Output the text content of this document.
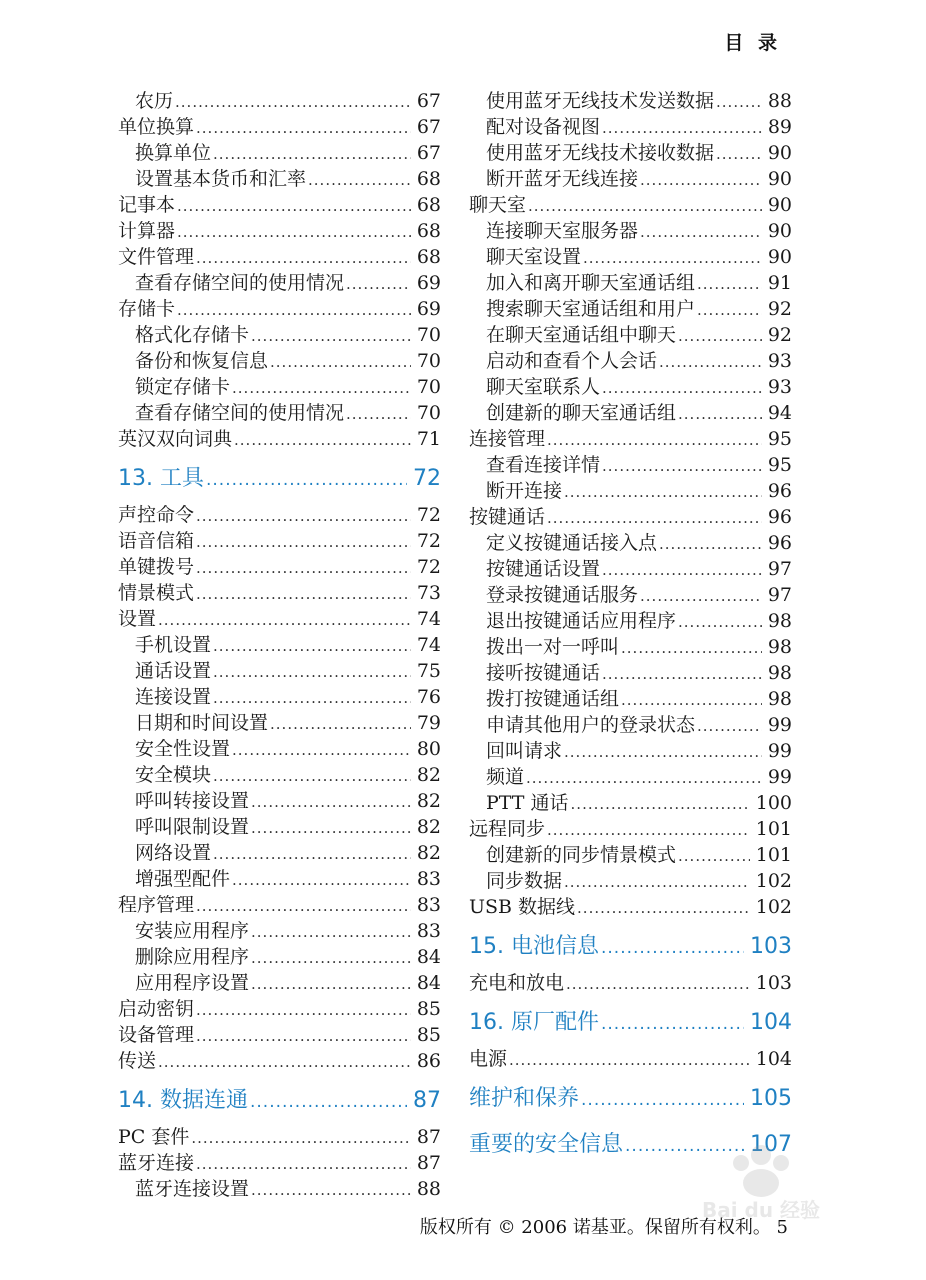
目 录
农历 .....	67
单位换算 .....	67
换算单位 .....	67
设置基本货币和汇率 .....	68
记事本 .....	68
计算器 .....	68
文件管理 .....	68
查看存储空间的使用情况 .....	69
存储卡 .....	69
格式化存储卡 .....	70
备份和恢复信息 .....	70
锁定存储卡 .....	70
查看存储空间的使用情况 .....	70
英汉双向词典 .....	71
13. 工具 .....	72
声控命令 .....	72
语音信箱 .....	72
单键拨号 .....	72
情景模式 .....	73
设置 .....	74
手机设置 .....	74
通话设置 .....	75
连接设置 .....	76
日期和时间设置 .....	79
安全性设置 .....	80
安全模块 .....	82
呼叫转接设置 .....	82
呼叫限制设置 .....	82
网络设置 .....	82
增强型配件 .....	83
程序管理 .....	83
安装应用程序 .....	83
删除应用程序 .....	84
应用程序设置 .....	84
启动密钥 .....	85
设备管理 .....	85
传送 .....	86
14. 数据连通 .....	87
PC 套件 .....	87
蓝牙连接 .....	87
蓝牙连接设置 .....	88
使用蓝牙无线技术发送数据 .....	88
配对设备视图 .....	89
使用蓝牙无线技术接收数据 .....	90
断开蓝牙无线连接 .....	90
聊天室 .....	90
连接聊天室服务器 .....	90
聊天室设置 .....	90
加入和离开聊天室通话组 .....	91
搜索聊天室通话组和用户 .....	92
在聊天室通话组中聊天 .....	92
启动和查看个人会话 .....	93
聊天室联系人 .....	93
创建新的聊天室通话组 .....	94
连接管理 .....	95
查看连接详情 .....	95
断开连接 .....	96
按键通话 .....	96
定义按键通话接入点 .....	96
按键通话设置 .....	97
登录按键通话服务 .....	97
退出按键通话应用程序 .....	98
拨出一对一呼叫 .....	98
接听按键通话 .....	98
拨打按键通话组 .....	98
申请其他用户的登录状态 .....	99
回叫请求 .....	99
频道 .....	99
PTT 通话 .....	100
远程同步 .....	101
创建新的同步情景模式 .....	101
同步数据 .....	102
USB 数据线 .....	102
15. 电池信息 .....	103
充电和放电 .....	103
16. 原厂配件 .....	104
电源 .....	104
维护和保养 .....	105
重要的安全信息 .....	107
版权所有 © 2006 诺基亚。保留所有权利。 5
Bai du 经验
